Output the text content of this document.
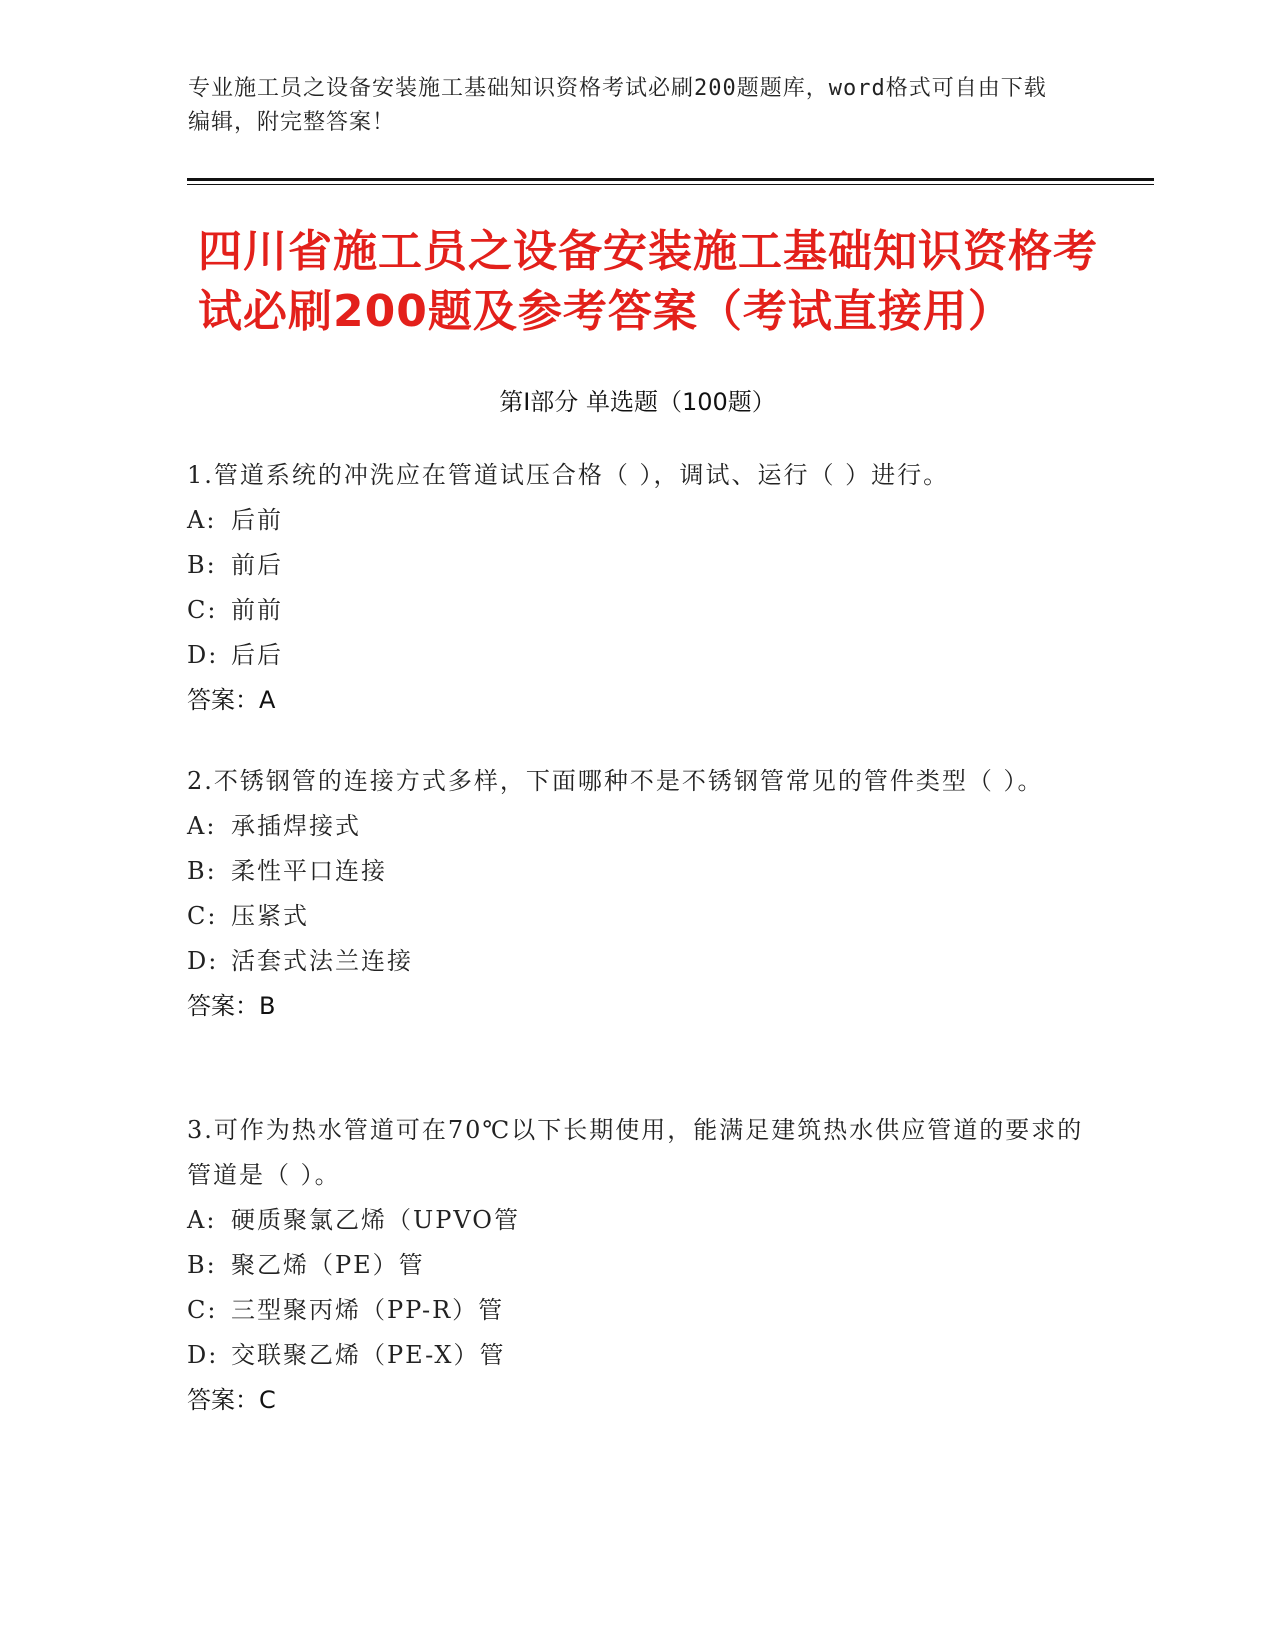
专业施工员之设备安装施工基础知识资格考试必刷200题题库，word格式可自由下载编辑，附完整答案！
四川省施工员之设备安装施工基础知识资格考试必刷200题及参考答案（考试直接用）
第Ⅰ部分 单选题（100题）
1.管道系统的冲洗应在管道试压合格（ ），调试、运行（ ）进行。
A: 后前
B: 前后
C: 前前
D: 后后
答案：A
2.不锈钢管的连接方式多样，下面哪种不是不锈钢管常见的管件类型（ ）。
A: 承插焊接式
B: 柔性平口连接
C: 压紧式
D: 活套式法兰连接
答案：B
3.可作为热水管道可在70℃以下长期使用，能满足建筑热水供应管道的要求的管道是（ ）。
A: 硬质聚氯乙烯（UPVO管
B: 聚乙烯（PE）管
C: 三型聚丙烯（PP-R）管
D: 交联聚乙烯（PE-X）管
答案：C
